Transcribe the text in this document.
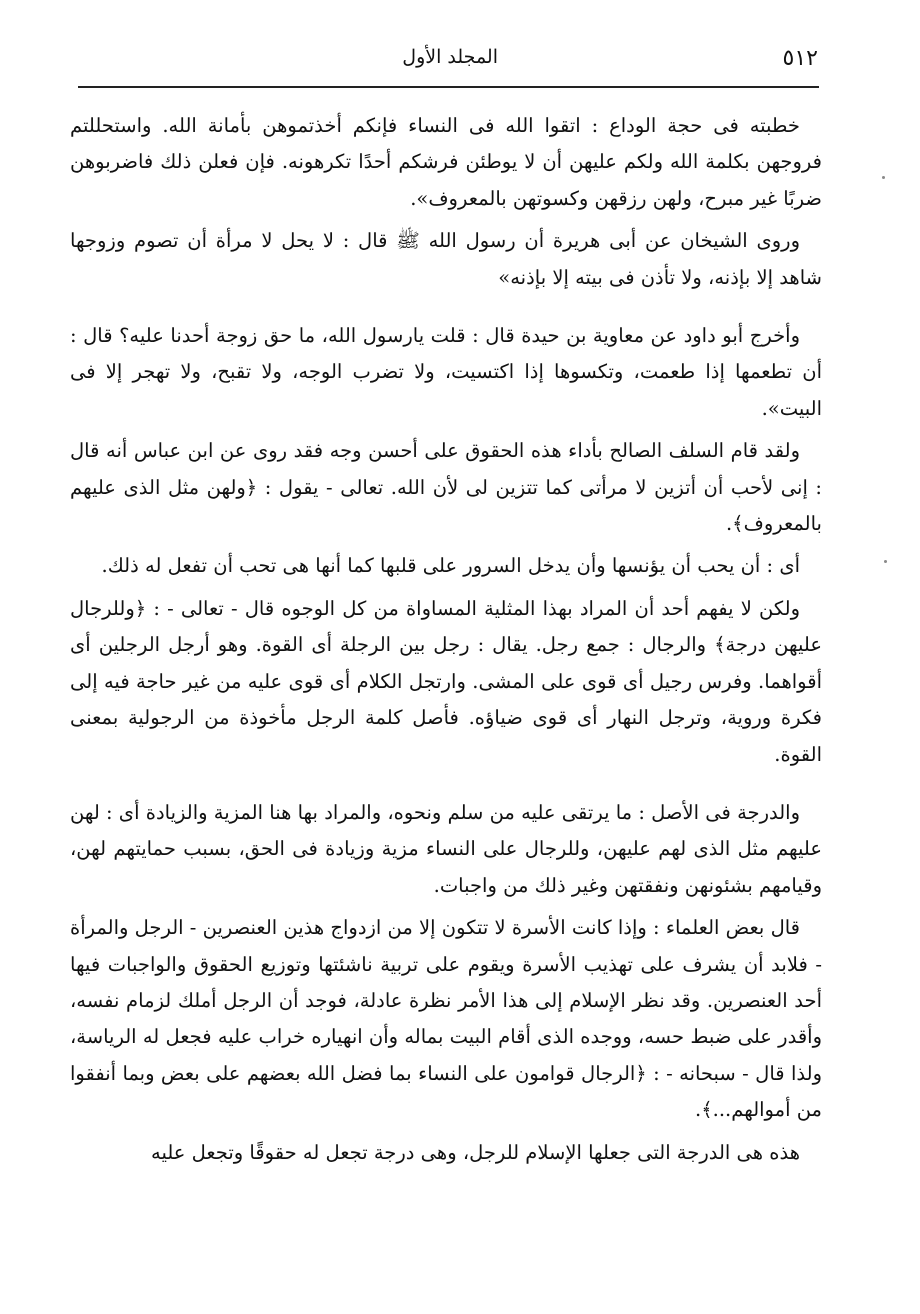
٥١٢
المجلد الأول

خطبته فى حجة الوداع : اتقوا الله فى النساء فإنكم أخذتموهن بأمانة الله. واستحللتم فروجهن بكلمة الله ولكم عليهن أن لا يوطئن فرشكم أحدًا تكرهونه. فإن فعلن ذلك فاضربوهن ضربًا غير مبرح، ولهن رزقهن وكسوتهن بالمعروف».

وروى الشيخان عن أبى هريرة أن رسول الله ﷺ قال : لا يحل لا مرأة أن تصوم وزوجها شاهد إلا بإذنه، ولا تأذن فى بيته إلا بإذنه»

وأخرج أبو داود عن معاوية بن حيدة قال : قلت يارسول الله، ما حق زوجة أحدنا عليه؟ قال : أن تطعمها إذا طعمت، وتكسوها إذا اكتسيت، ولا تضرب الوجه، ولا تقبح، ولا تهجر إلا فى البيت».

ولقد قام السلف الصالح بأداء هذه الحقوق على أحسن وجه فقد روى عن ابن عباس أنه قال : إنى لأحب أن أتزين لا مرأتى كما تتزين لى لأن الله. تعالى - يقول : ﴿ولهن مثل الذى عليهم بالمعروف﴾.

أى : أن يحب أن يؤنسها وأن يدخل السرور على قلبها كما أنها هى تحب أن تفعل له ذلك.

ولكن لا يفهم أحد أن المراد بهذا المثلية المساواة من كل الوجوه قال - تعالى - : ﴿وللرجال عليهن درجة﴾ والرجال : جمع رجل. يقال : رجل بين الرجلة أى القوة. وهو أرجل الرجلين أى أقواهما. وفرس رجيل أى قوى على المشى. وارتجل الكلام أى قوى عليه من غير حاجة فيه إلى فكرة وروية، وترجل النهار أى قوى ضياؤه. فأصل كلمة الرجل مأخوذة من الرجولية بمعنى القوة.

والدرجة فى الأصل : ما يرتقى عليه من سلم ونحوه، والمراد بها هنا المزية والزيادة أى : لهن عليهم مثل الذى لهم عليهن، وللرجال على النساء مزية وزيادة فى الحق، بسبب حمايتهم لهن، وقيامهم بشئونهن ونفقتهن وغير ذلك من واجبات.

قال بعض العلماء : وإذا كانت الأسرة لا تتكون إلا من ازدواج هذين العنصرين - الرجل والمرأة - فلابد أن يشرف على تهذيب الأسرة ويقوم على تربية ناشئتها وتوزيع الحقوق والواجبات فيها أحد العنصرين. وقد نظر الإسلام إلى هذا الأمر نظرة عادلة، فوجد أن الرجل أملك لزمام نفسه، وأقدر على ضبط حسه، ووجده الذى أقام البيت بماله وأن انهياره خراب عليه فجعل له الرياسة، ولذا قال - سبحانه - : ﴿الرجال قوامون على النساء بما فضل الله بعضهم على بعض وبما أنفقوا من أموالهم...﴾.

هذه هى الدرجة التى جعلها الإسلام للرجل، وهى درجة تجعل له حقوقًا وتجعل عليه
